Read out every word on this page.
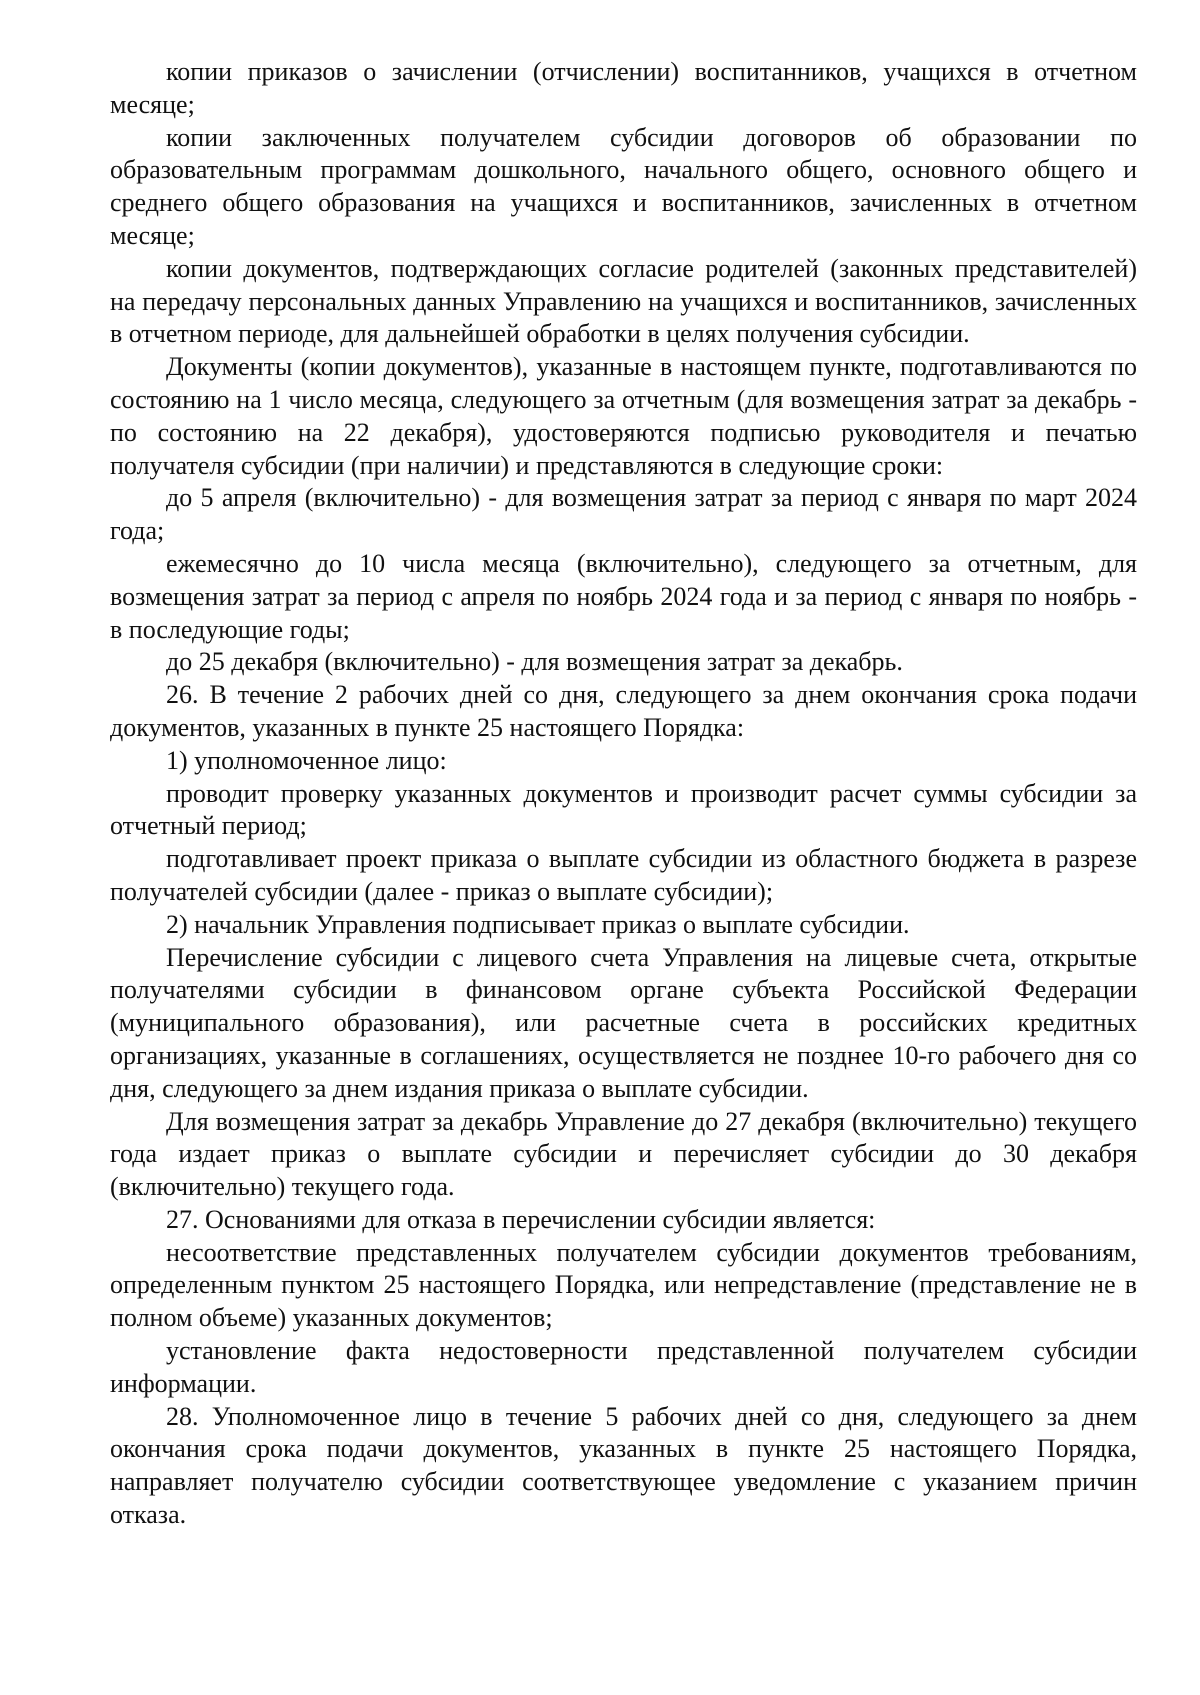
копии приказов о зачислении (отчислении) воспитанников, учащихся в отчетном месяце;

копии заключенных получателем субсидии договоров об образовании по образовательным программам дошкольного, начального общего, основного общего и среднего общего образования на учащихся и воспитанников, зачисленных в отчетном месяце;

копии документов, подтверждающих согласие родителей (законных представителей) на передачу персональных данных Управлению на учащихся и воспитанников, зачисленных в отчетном периоде, для дальнейшей обработки в целях получения субсидии.

Документы (копии документов), указанные в настоящем пункте, подготавливаются по состоянию на 1 число месяца, следующего за отчетным (для возмещения затрат за декабрь - по состоянию на 22 декабря), удостоверяются подписью руководителя и печатью получателя субсидии (при наличии) и представляются в следующие сроки:

до 5 апреля (включительно) - для возмещения затрат за период с января по март 2024 года;

ежемесячно до 10 числа месяца (включительно), следующего за отчетным, для возмещения затрат за период с апреля по ноябрь 2024 года и за период с января по ноябрь - в последующие годы;

до 25 декабря (включительно) - для возмещения затрат за декабрь.

26. В течение 2 рабочих дней со дня, следующего за днем окончания срока подачи документов, указанных в пункте 25 настоящего Порядка:

1) уполномоченное лицо:

проводит проверку указанных документов и производит расчет суммы субсидии за отчетный период;

подготавливает проект приказа о выплате субсидии из областного бюджета в разрезе получателей субсидии (далее - приказ о выплате субсидии);

2) начальник Управления подписывает приказ о выплате субсидии.

Перечисление субсидии с лицевого счета Управления на лицевые счета, открытые получателями субсидии в финансовом органе субъекта Российской Федерации (муниципального образования), или расчетные счета в российских кредитных организациях, указанные в соглашениях, осуществляется не позднее 10-го рабочего дня со дня, следующего за днем издания приказа о выплате субсидии.

Для возмещения затрат за декабрь Управление до 27 декабря (включительно) текущего года издает приказ о выплате субсидии и перечисляет субсидии до 30 декабря (включительно) текущего года.

27. Основаниями для отказа в перечислении субсидии является:

несоответствие представленных получателем субсидии документов требованиям, определенным пунктом 25 настоящего Порядка, или непредставление (представление не в полном объеме) указанных документов;

установление факта недостоверности представленной получателем субсидии информации.

28. Уполномоченное лицо в течение 5 рабочих дней со дня, следующего за днем окончания срока подачи документов, указанных в пункте 25 настоящего Порядка, направляет получателю субсидии соответствующее уведомление с указанием причин отказа.
